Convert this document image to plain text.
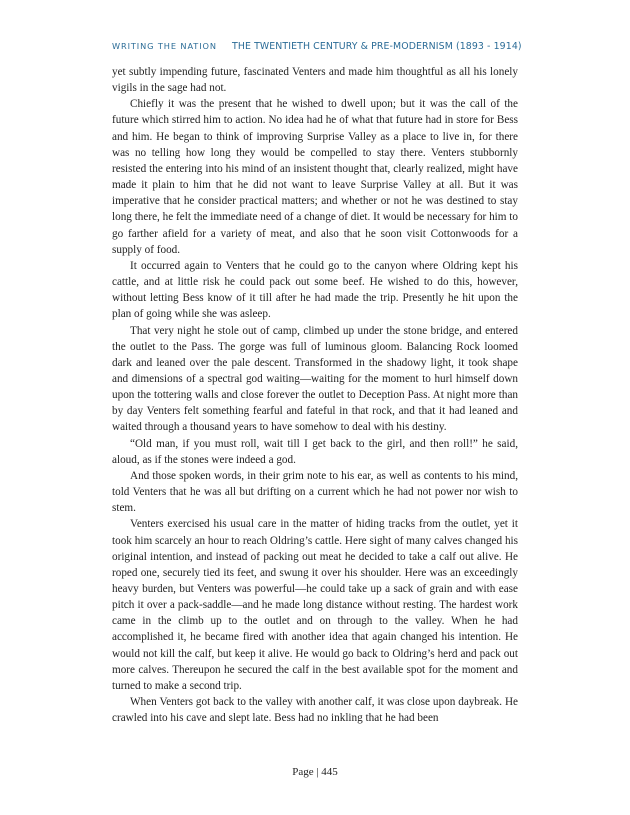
WRITING THE NATION THE TWENTIETH CENTURY & PRE-MODERNISM (1893 - 1914)

yet subtly impending future, fascinated Venters and made him thoughtful as all his lonely vigils in the sage had not.

Chiefly it was the present that he wished to dwell upon; but it was the call of the future which stirred him to action. No idea had he of what that future had in store for Bess and him. He began to think of improving Surprise Valley as a place to live in, for there was no telling how long they would be compelled to stay there. Venters stubbornly resisted the entering into his mind of an insistent thought that, clearly realized, might have made it plain to him that he did not want to leave Surprise Valley at all. But it was imperative that he consider practical matters; and whether or not he was destined to stay long there, he felt the immediate need of a change of diet. It would be necessary for him to go farther afield for a variety of meat, and also that he soon visit Cottonwoods for a supply of food.

It occurred again to Venters that he could go to the canyon where Oldring kept his cattle, and at little risk he could pack out some beef. He wished to do this, however, without letting Bess know of it till after he had made the trip. Presently he hit upon the plan of going while she was asleep.

That very night he stole out of camp, climbed up under the stone bridge, and entered the outlet to the Pass. The gorge was full of luminous gloom. Balancing Rock loomed dark and leaned over the pale descent. Transformed in the shadowy light, it took shape and dimensions of a spectral god waiting—waiting for the moment to hurl himself down upon the tottering walls and close forever the outlet to Deception Pass. At night more than by day Venters felt something fearful and fateful in that rock, and that it had leaned and waited through a thousand years to have somehow to deal with his destiny.

“Old man, if you must roll, wait till I get back to the girl, and then roll!” he said, aloud, as if the stones were indeed a god.

And those spoken words, in their grim note to his ear, as well as contents to his mind, told Venters that he was all but drifting on a current which he had not power nor wish to stem.

Venters exercised his usual care in the matter of hiding tracks from the outlet, yet it took him scarcely an hour to reach Oldring’s cattle. Here sight of many calves changed his original intention, and instead of packing out meat he decided to take a calf out alive. He roped one, securely tied its feet, and swung it over his shoulder. Here was an exceedingly heavy burden, but Venters was powerful—he could take up a sack of grain and with ease pitch it over a pack-saddle—and he made long distance without resting. The hardest work came in the climb up to the outlet and on through to the valley. When he had accomplished it, he became fired with another idea that again changed his intention. He would not kill the calf, but keep it alive. He would go back to Oldring’s herd and pack out more calves. Thereupon he secured the calf in the best available spot for the moment and turned to make a second trip.

When Venters got back to the valley with another calf, it was close upon daybreak. He crawled into his cave and slept late. Bess had no inkling that he had been

Page | 445
